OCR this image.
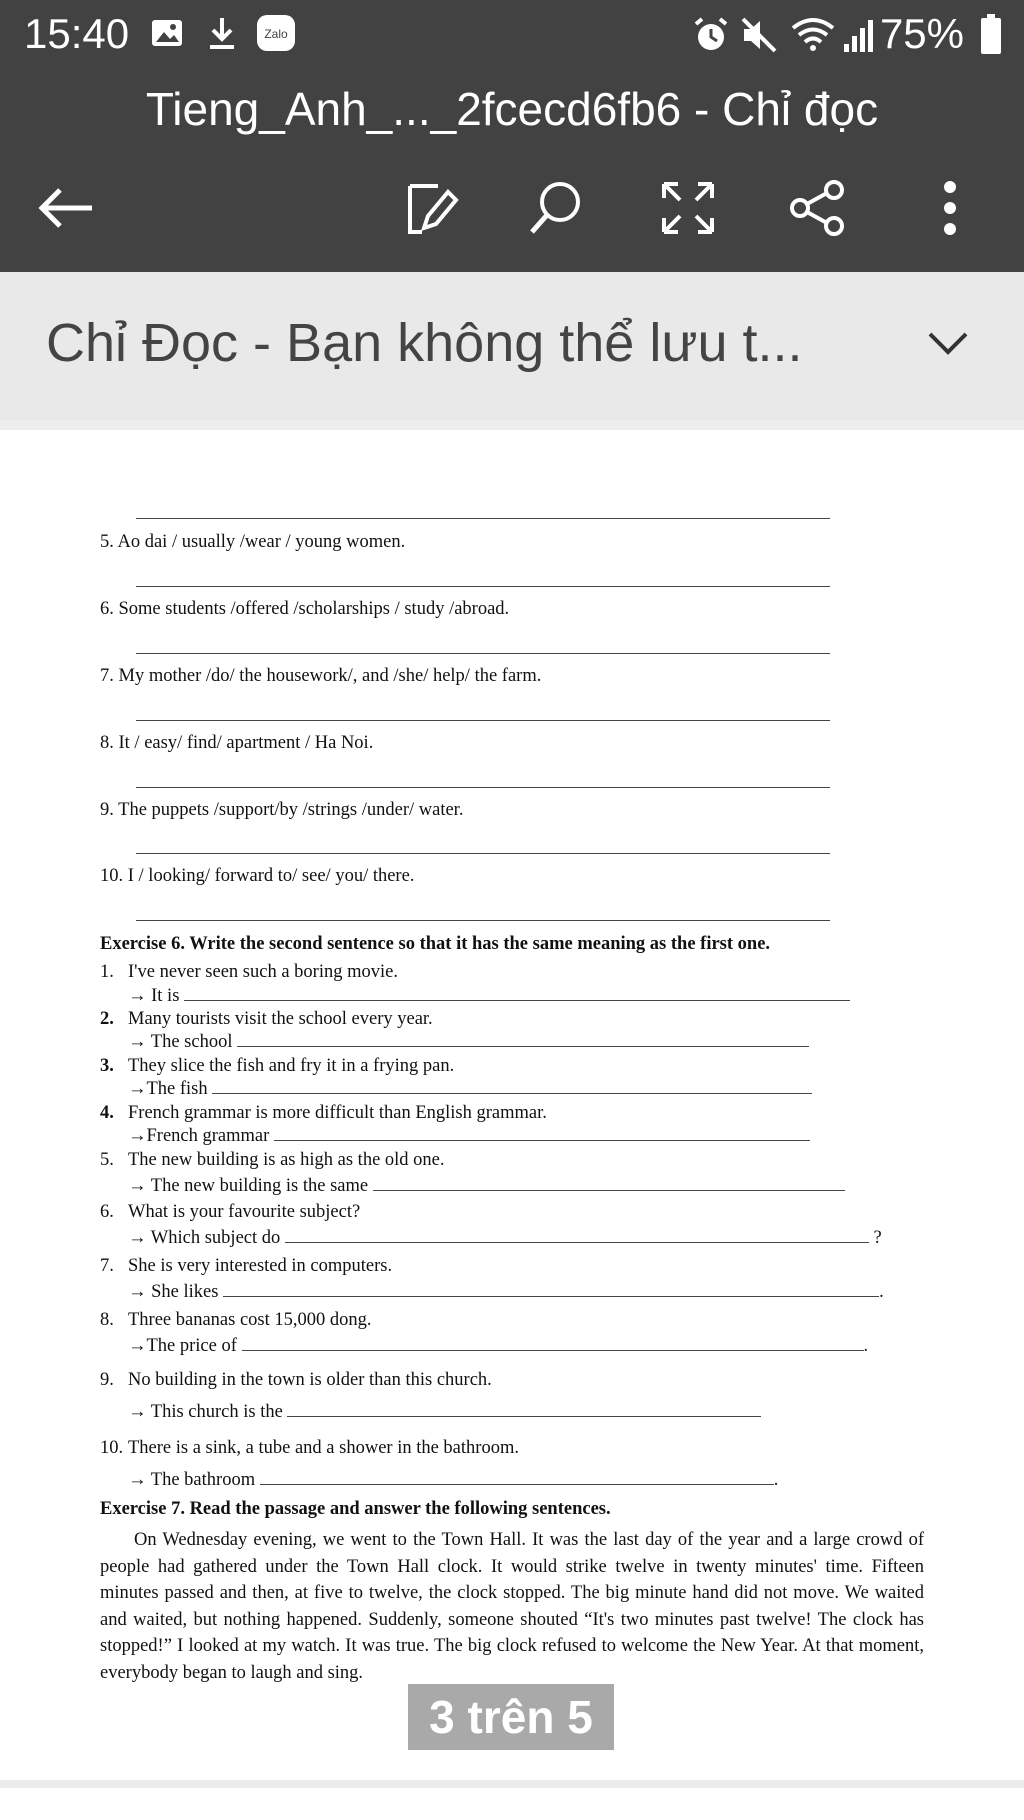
15:40	Zalo	75%
Tieng_Anh_..._2fcecd6fb6 - Chỉ đọc
Chỉ Đọc - Bạn không thể lưu t...
5. Ao dai / usually /wear / young women.
6. Some students /offered /scholarships / study /abroad.
7. My mother /do/ the housework/, and /she/ help/ the farm.
8. It / easy/ find/ apartment / Ha Noi.
9. The puppets /support/by /strings /under/ water.
10. I / looking/ forward to/ see/ you/ there.
Exercise 6. Write the second sentence so that it has the same meaning as the first one.
1. I've never seen such a boring movie.
→ It is
2. Many tourists visit the school every year.
→ The school
3. They slice the fish and fry it in a frying pan.
→The fish
4. French grammar is more difficult than English grammar.
→French grammar
5. The new building is as high as the old one.
→ The new building is the same
6. What is your favourite subject?
→ Which subject do	?
7. She is very interested in computers.
→ She likes	.
8. Three bananas cost 15,000 dong.
→The price of	.
9. No building in the town is older than this church.
→ This church is the
10. There is a sink, a tube and a shower in the bathroom.
→ The bathroom	.
Exercise 7. Read the passage and answer the following sentences.
On Wednesday evening, we went to the Town Hall. It was the last day of the year and a large crowd of people had gathered under the Town Hall clock. It would strike twelve in twenty minutes' time. Fifteen minutes passed and then, at five to twelve, the clock stopped. The big minute hand did not move. We waited and waited, but nothing happened. Suddenly, someone shouted “It's two minutes past twelve! The clock has stopped!” I looked at my watch. It was true. The big clock refused to welcome the New Year. At that moment, everybody began to laugh and sing.
3 trên 5
